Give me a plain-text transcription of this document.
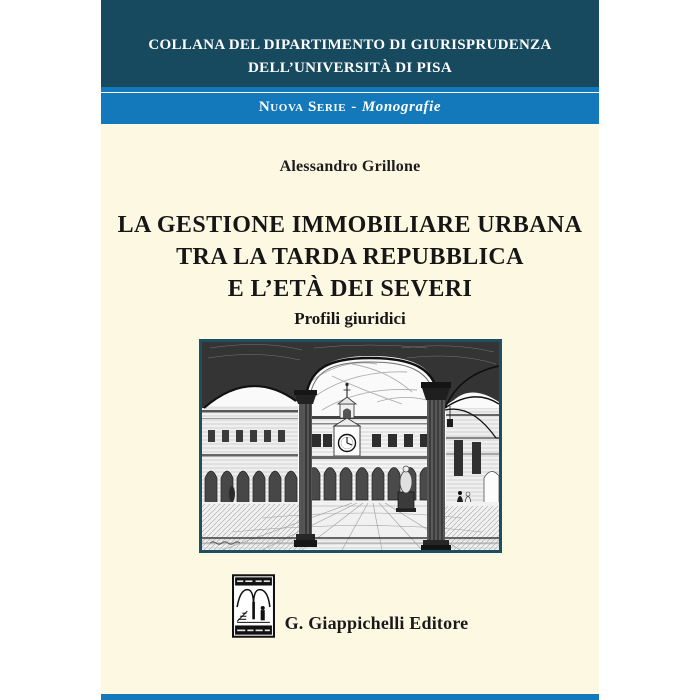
COLLANA DEL DIPARTIMENTO DI GIURISPRUDENZA
DELL’UNIVERSITÀ DI PISA
Nuova Serie - Monografie
Alessandro Grillone
LA GESTIONE IMMOBILIARE URBANA
TRA LA TARDA REPUBBLICA
E L’ETÀ DEI SEVERI
Profili giuridici
G. Giappichelli Editore
